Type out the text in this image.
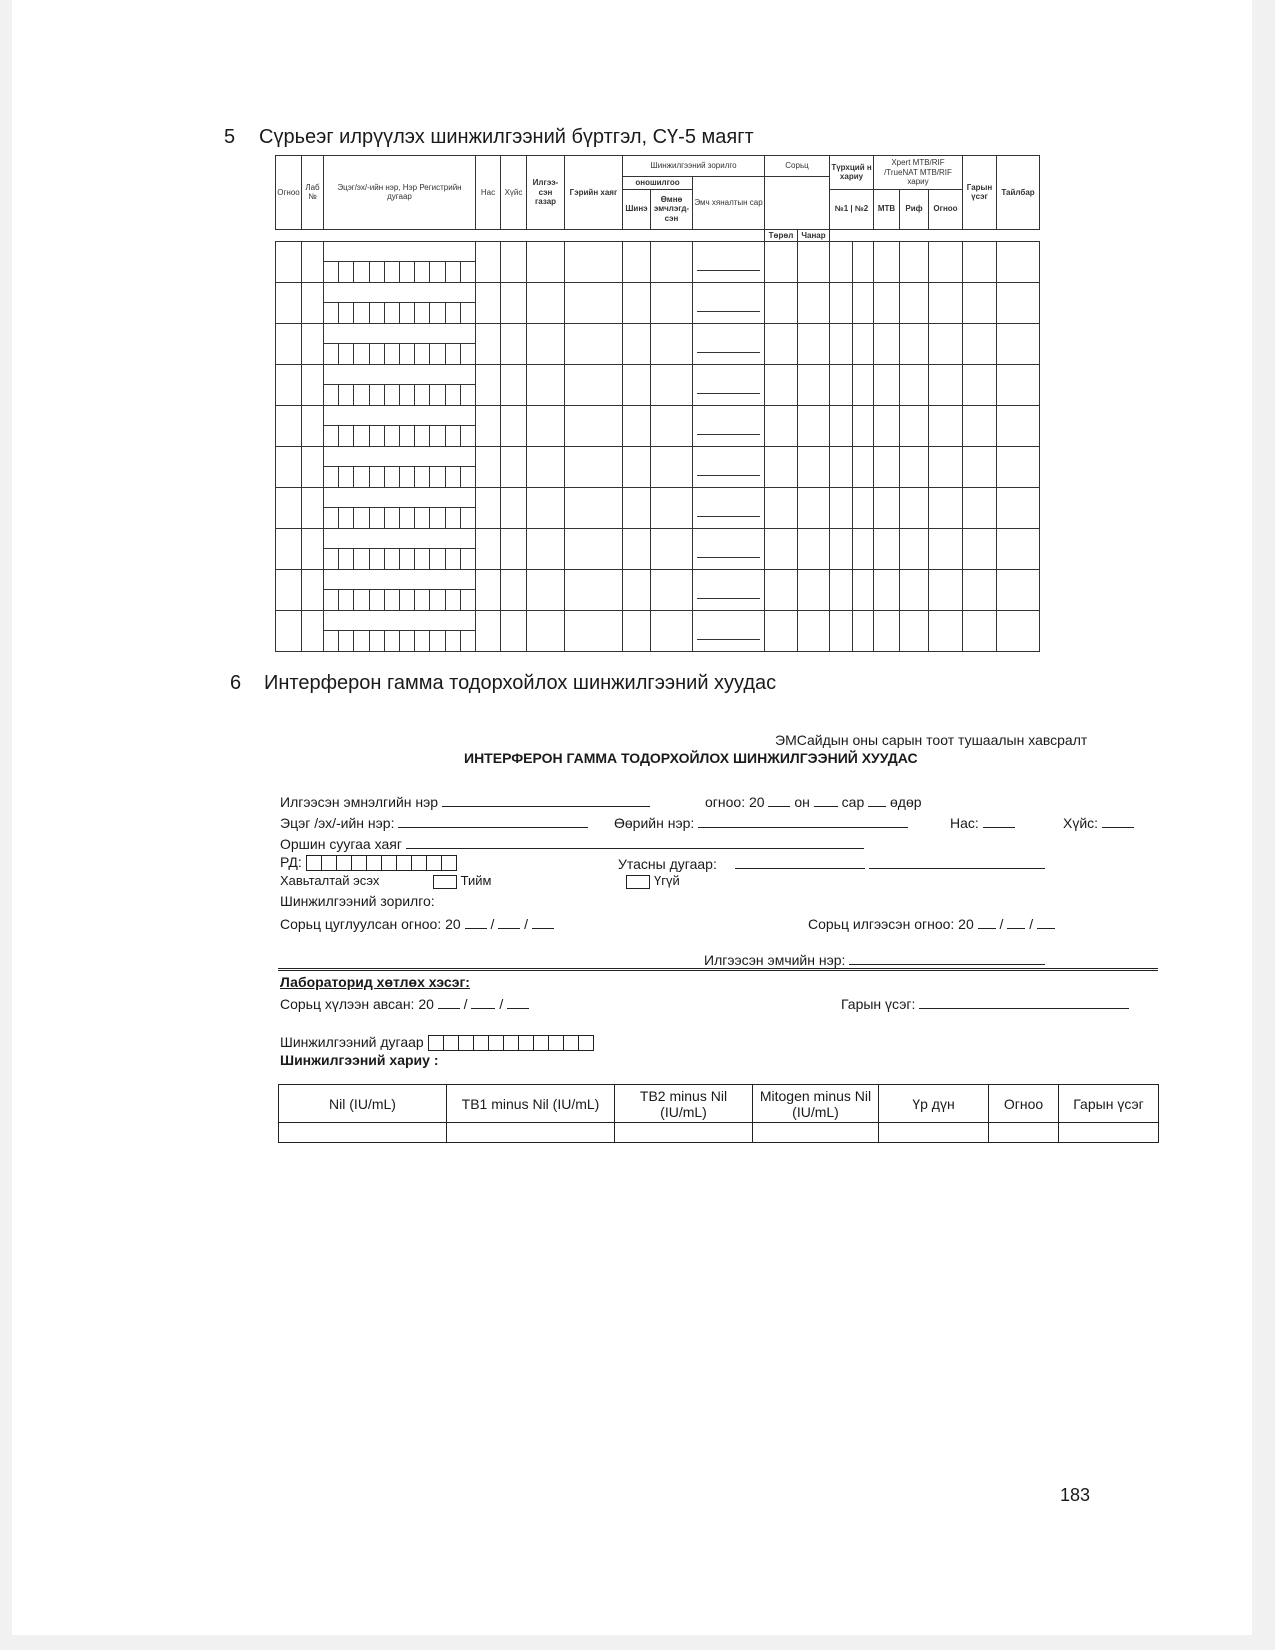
5 Сүрьеэг илрүүлэх шинжилгээний бүртгэл, СҮ-5 маягт
Огноо	Лаб №	Эцэг/эх/-ийн нэр, Нэр Регистрийн дугаар	Нас	Хүйс	Илгээ-сэн газар	Гэрийн хаяг	Шинжилгээний зорилго			Сорьц		Түрхций н хариу		Xpert MTB/RIF /TrueNAT MTB/RIF хариу			Гарын үсэг	Тайлбар
							оношилгоо		Эмч хяналтын сар									
							Шинэ	Өмнө эмчлэгд-сэн				№1 | №2		МТВ	Риф	Огноо		

										Төрөл	Чанар							

6 Интерферон гамма тодорхойлох шинжилгээний хуудас
ЭМСайдын оны сарын тоот тушаалын хавсралт
ИНТЕРФЕРОН ГАММА ТОДОРХОЙЛОХ ШИНЖИЛГЭЭНИЙ ХУУДАС
Илгээсэн эмнэлгийн нэр	огноо: 20 он сар өдөр
Эцэг /эх/-ийн нэр:	Өөрийн нэр:	Нас:	Хүйс:
Оршин суугаа хаяг
РД:	Утасны дугаар:
Хавьталтай эсэх	Тийм	Үгүй
Шинжилгээний зорилго:
Сорьц цуглуулсан огноо: 20  /  /	Сорьц илгээсэн огноо: 20  /  /
Илгээсэн эмчийн нэр:
Лабораторид хөтлөх хэсэг:
Сорьц хүлээн авсан: 20  /  /	Гарын үсэг:
Шинжилгээний дугаар
Шинжилгээний хариу :
Nil (IU/mL)	TB1 minus Nil (IU/mL)	TB2 minus Nil (IU/mL)	Mitogen minus Nil (IU/mL)	Үр дүн	Огноо	Гарын үсэг

183
